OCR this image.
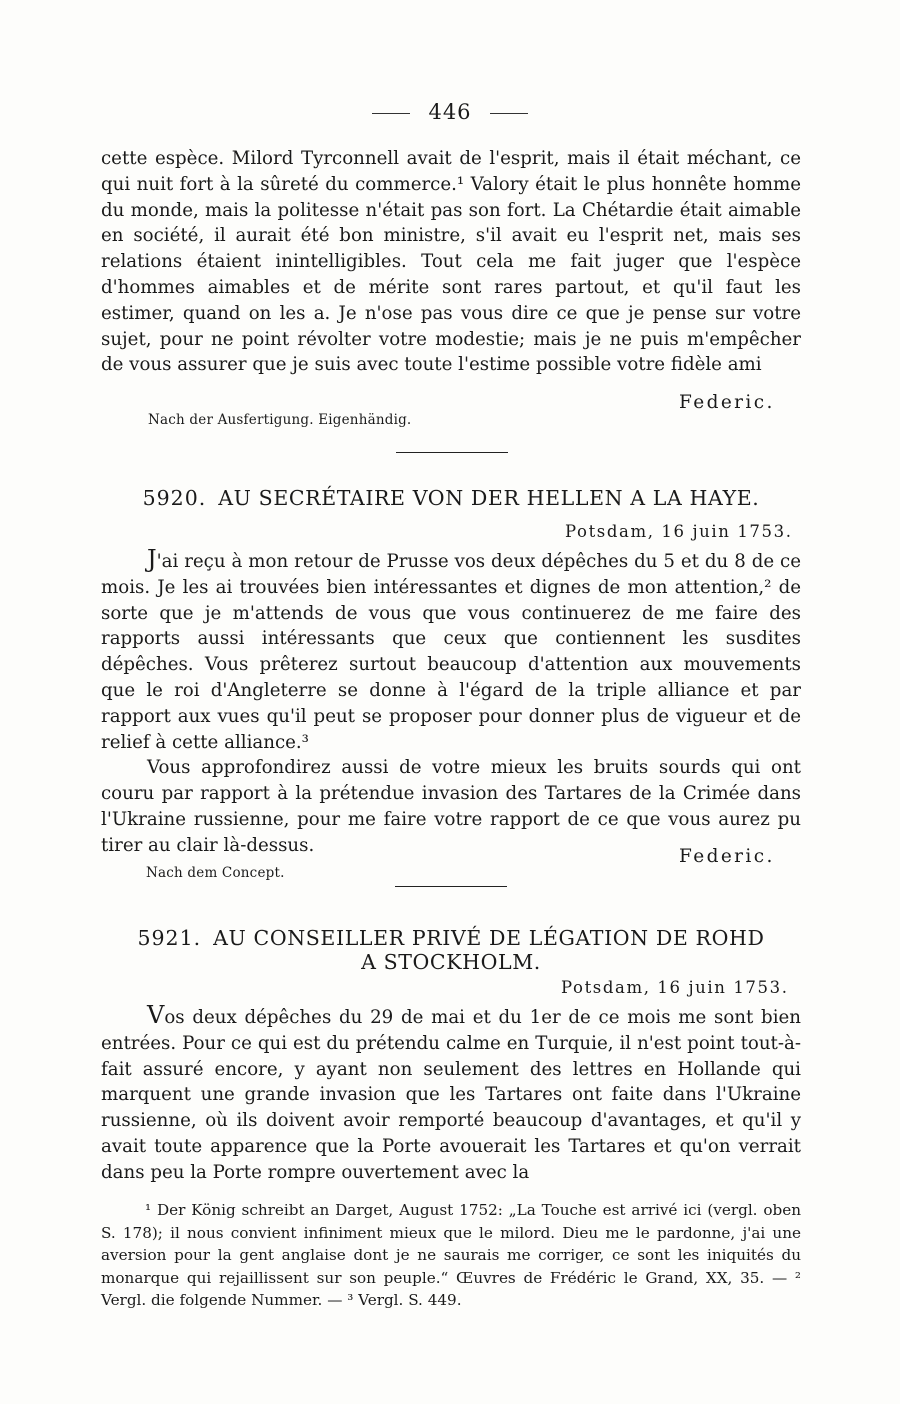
446

cette espèce. Milord Tyrconnell avait de l'esprit, mais il était méchant, ce qui nuit fort à la sûreté du commerce.¹ Valory était le plus honnête homme du monde, mais la politesse n'était pas son fort. La Chétardie était aimable en société, il aurait été bon ministre, s'il avait eu l'esprit net, mais ses relations étaient inintelligibles. Tout cela me fait juger que l'espèce d'hommes aimables et de mérite sont rares partout, et qu'il faut les estimer, quand on les a. Je n'ose pas vous dire ce que je pense sur votre sujet, pour ne point révolter votre modestie; mais je ne puis m'empêcher de vous assurer que je suis avec toute l'estime possible votre fidèle ami

Federic.
Nach der Ausfertigung. Eigenhändig.
5920. AU SECRÉTAIRE VON DER HELLEN A LA HAYE.
Potsdam, 16 juin 1753.

J'ai reçu à mon retour de Prusse vos deux dépêches du 5 et du 8 de ce mois. Je les ai trouvées bien intéressantes et dignes de mon attention,² de sorte que je m'attends de vous que vous continuerez de me faire des rapports aussi intéressants que ceux que contiennent les susdites dépêches. Vous prêterez surtout beaucoup d'attention aux mouvements que le roi d'Angleterre se donne à l'égard de la triple alliance et par rapport aux vues qu'il peut se proposer pour donner plus de vigueur et de relief à cette alliance.³

Vous approfondirez aussi de votre mieux les bruits sourds qui ont couru par rapport à la prétendue invasion des Tartares de la Crimée dans l'Ukraine russienne, pour me faire votre rapport de ce que vous aurez pu tirer au clair là-dessus.

Federic.
Nach dem Concept.
5921. AU CONSEILLER PRIVÉ DE LÉGATION DE ROHD
A STOCKHOLM.
Potsdam, 16 juin 1753.

Vos deux dépêches du 29 de mai et du 1er de ce mois me sont bien entrées. Pour ce qui est du prétendu calme en Turquie, il n'est point tout-à-fait assuré encore, y ayant non seulement des lettres en Hollande qui marquent une grande invasion que les Tartares ont faite dans l'Ukraine russienne, où ils doivent avoir remporté beaucoup d'avantages, et qu'il y avait toute apparence que la Porte avouerait les Tartares et qu'on verrait dans peu la Porte rompre ouvertement avec la

¹ Der König schreibt an Darget, August 1752: „La Touche est arrivé ici (vergl. oben S. 178); il nous convient infiniment mieux que le milord. Dieu me le pardonne, j'ai une aversion pour la gent anglaise dont je ne saurais me corriger, ce sont les iniquités du monarque qui rejaillissent sur son peuple.“ Œuvres de Frédéric le Grand, XX, 35. — ² Vergl. die folgende Nummer. — ³ Vergl. S. 449.
